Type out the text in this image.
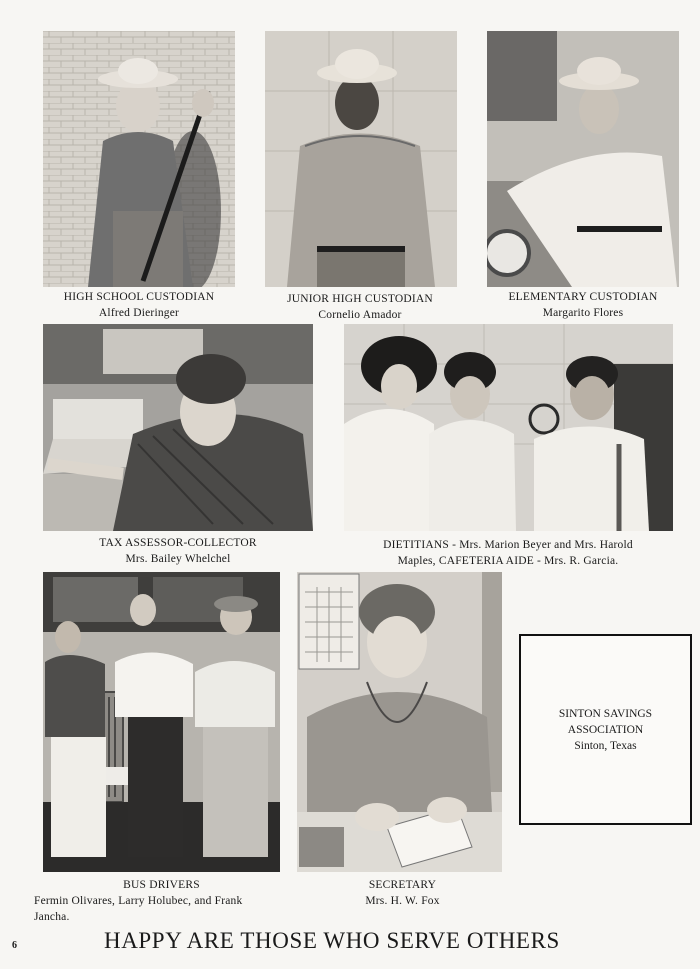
HIGH SCHOOL CUSTODIAN
Alfred Dieringer
JUNIOR HIGH CUSTODIAN
Cornelio Amador
ELEMENTARY CUSTODIAN
Margarito Flores
TAX ASSESSOR-COLLECTOR
Mrs. Bailey Whelchel
DIETITIANS - Mrs. Marion Beyer and Mrs. Harold
Maples, CAFETERIA AIDE - Mrs. R. Garcia.
BUS DRIVERS
Fermin Olivares, Larry Holubec, and Frank
Jancha.
SECRETARY
Mrs. H. W. Fox
SINTON SAVINGS
ASSOCIATION
Sinton, Texas
6	HAPPY ARE THOSE WHO SERVE OTHERS
